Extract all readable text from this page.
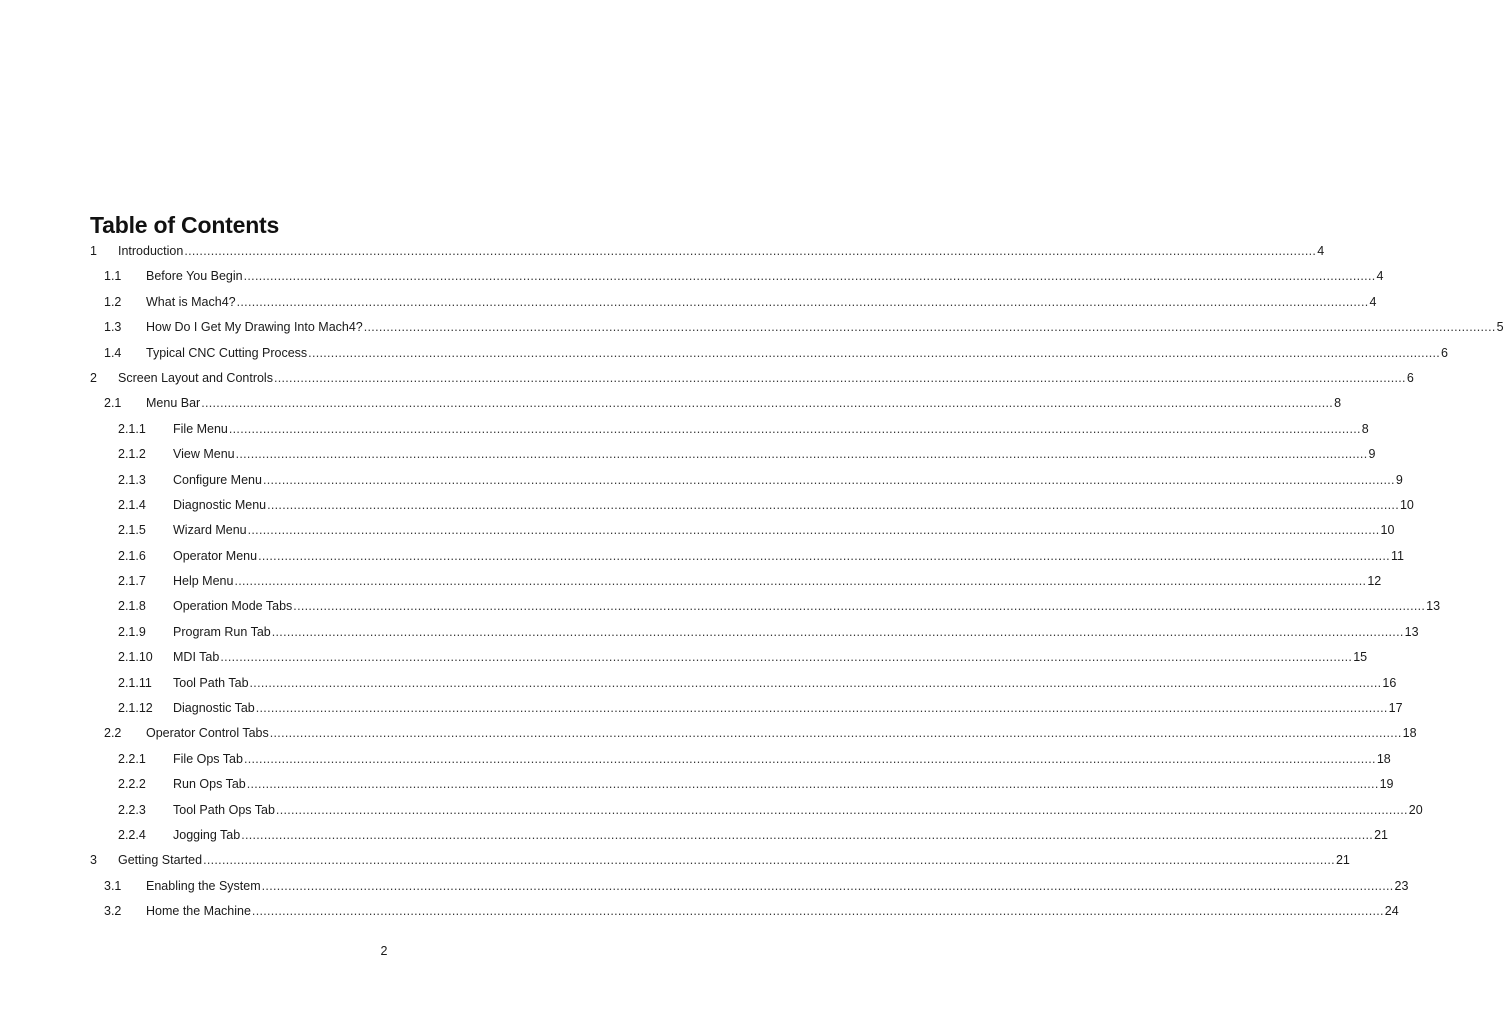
Table of Contents
1 Introduction ............................................................................................................................................................................................................................................................................................................ 4
1.1 Before You Begin ............................................................................................................................................................................................................................................................................................................ 4
1.2 What is Mach4? ............................................................................................................................................................................................................................................................................................................ 4
1.3 How Do I Get My Drawing Into Mach4? ............................................................................................................................................................................................................................................................................................................ 5
1.4 Typical CNC Cutting Process ............................................................................................................................................................................................................................................................................................................ 6
2 Screen Layout and Controls ............................................................................................................................................................................................................................................................................................................ 6
2.1 Menu Bar ............................................................................................................................................................................................................................................................................................................ 8
2.1.1 File Menu ............................................................................................................................................................................................................................................................................................................ 8
2.1.2 View Menu ............................................................................................................................................................................................................................................................................................................ 9
2.1.3 Configure Menu ............................................................................................................................................................................................................................................................................................................ 9
2.1.4 Diagnostic Menu ............................................................................................................................................................................................................................................................................................................ 10
2.1.5 Wizard Menu ............................................................................................................................................................................................................................................................................................................ 10
2.1.6 Operator Menu ............................................................................................................................................................................................................................................................................................................ 11
2.1.7 Help Menu ............................................................................................................................................................................................................................................................................................................ 12
2.1.8 Operation Mode Tabs ............................................................................................................................................................................................................................................................................................................ 13
2.1.9 Program Run Tab ............................................................................................................................................................................................................................................................................................................ 13
2.1.10 MDI Tab ............................................................................................................................................................................................................................................................................................................ 15
2.1.11 Tool Path Tab ............................................................................................................................................................................................................................................................................................................ 16
2.1.12 Diagnostic Tab ............................................................................................................................................................................................................................................................................................................ 17
2.2 Operator Control Tabs ............................................................................................................................................................................................................................................................................................................ 18
2.2.1 File Ops Tab ............................................................................................................................................................................................................................................................................................................ 18
2.2.2 Run Ops Tab ............................................................................................................................................................................................................................................................................................................ 19
2.2.3 Tool Path Ops Tab ............................................................................................................................................................................................................................................................................................................ 20
2.2.4 Jogging Tab ............................................................................................................................................................................................................................................................................................................ 21
3 Getting Started ............................................................................................................................................................................................................................................................................................................ 21
3.1 Enabling the System ............................................................................................................................................................................................................................................................................................................ 23
3.2 Home the Machine ............................................................................................................................................................................................................................................................................................................ 24
2
